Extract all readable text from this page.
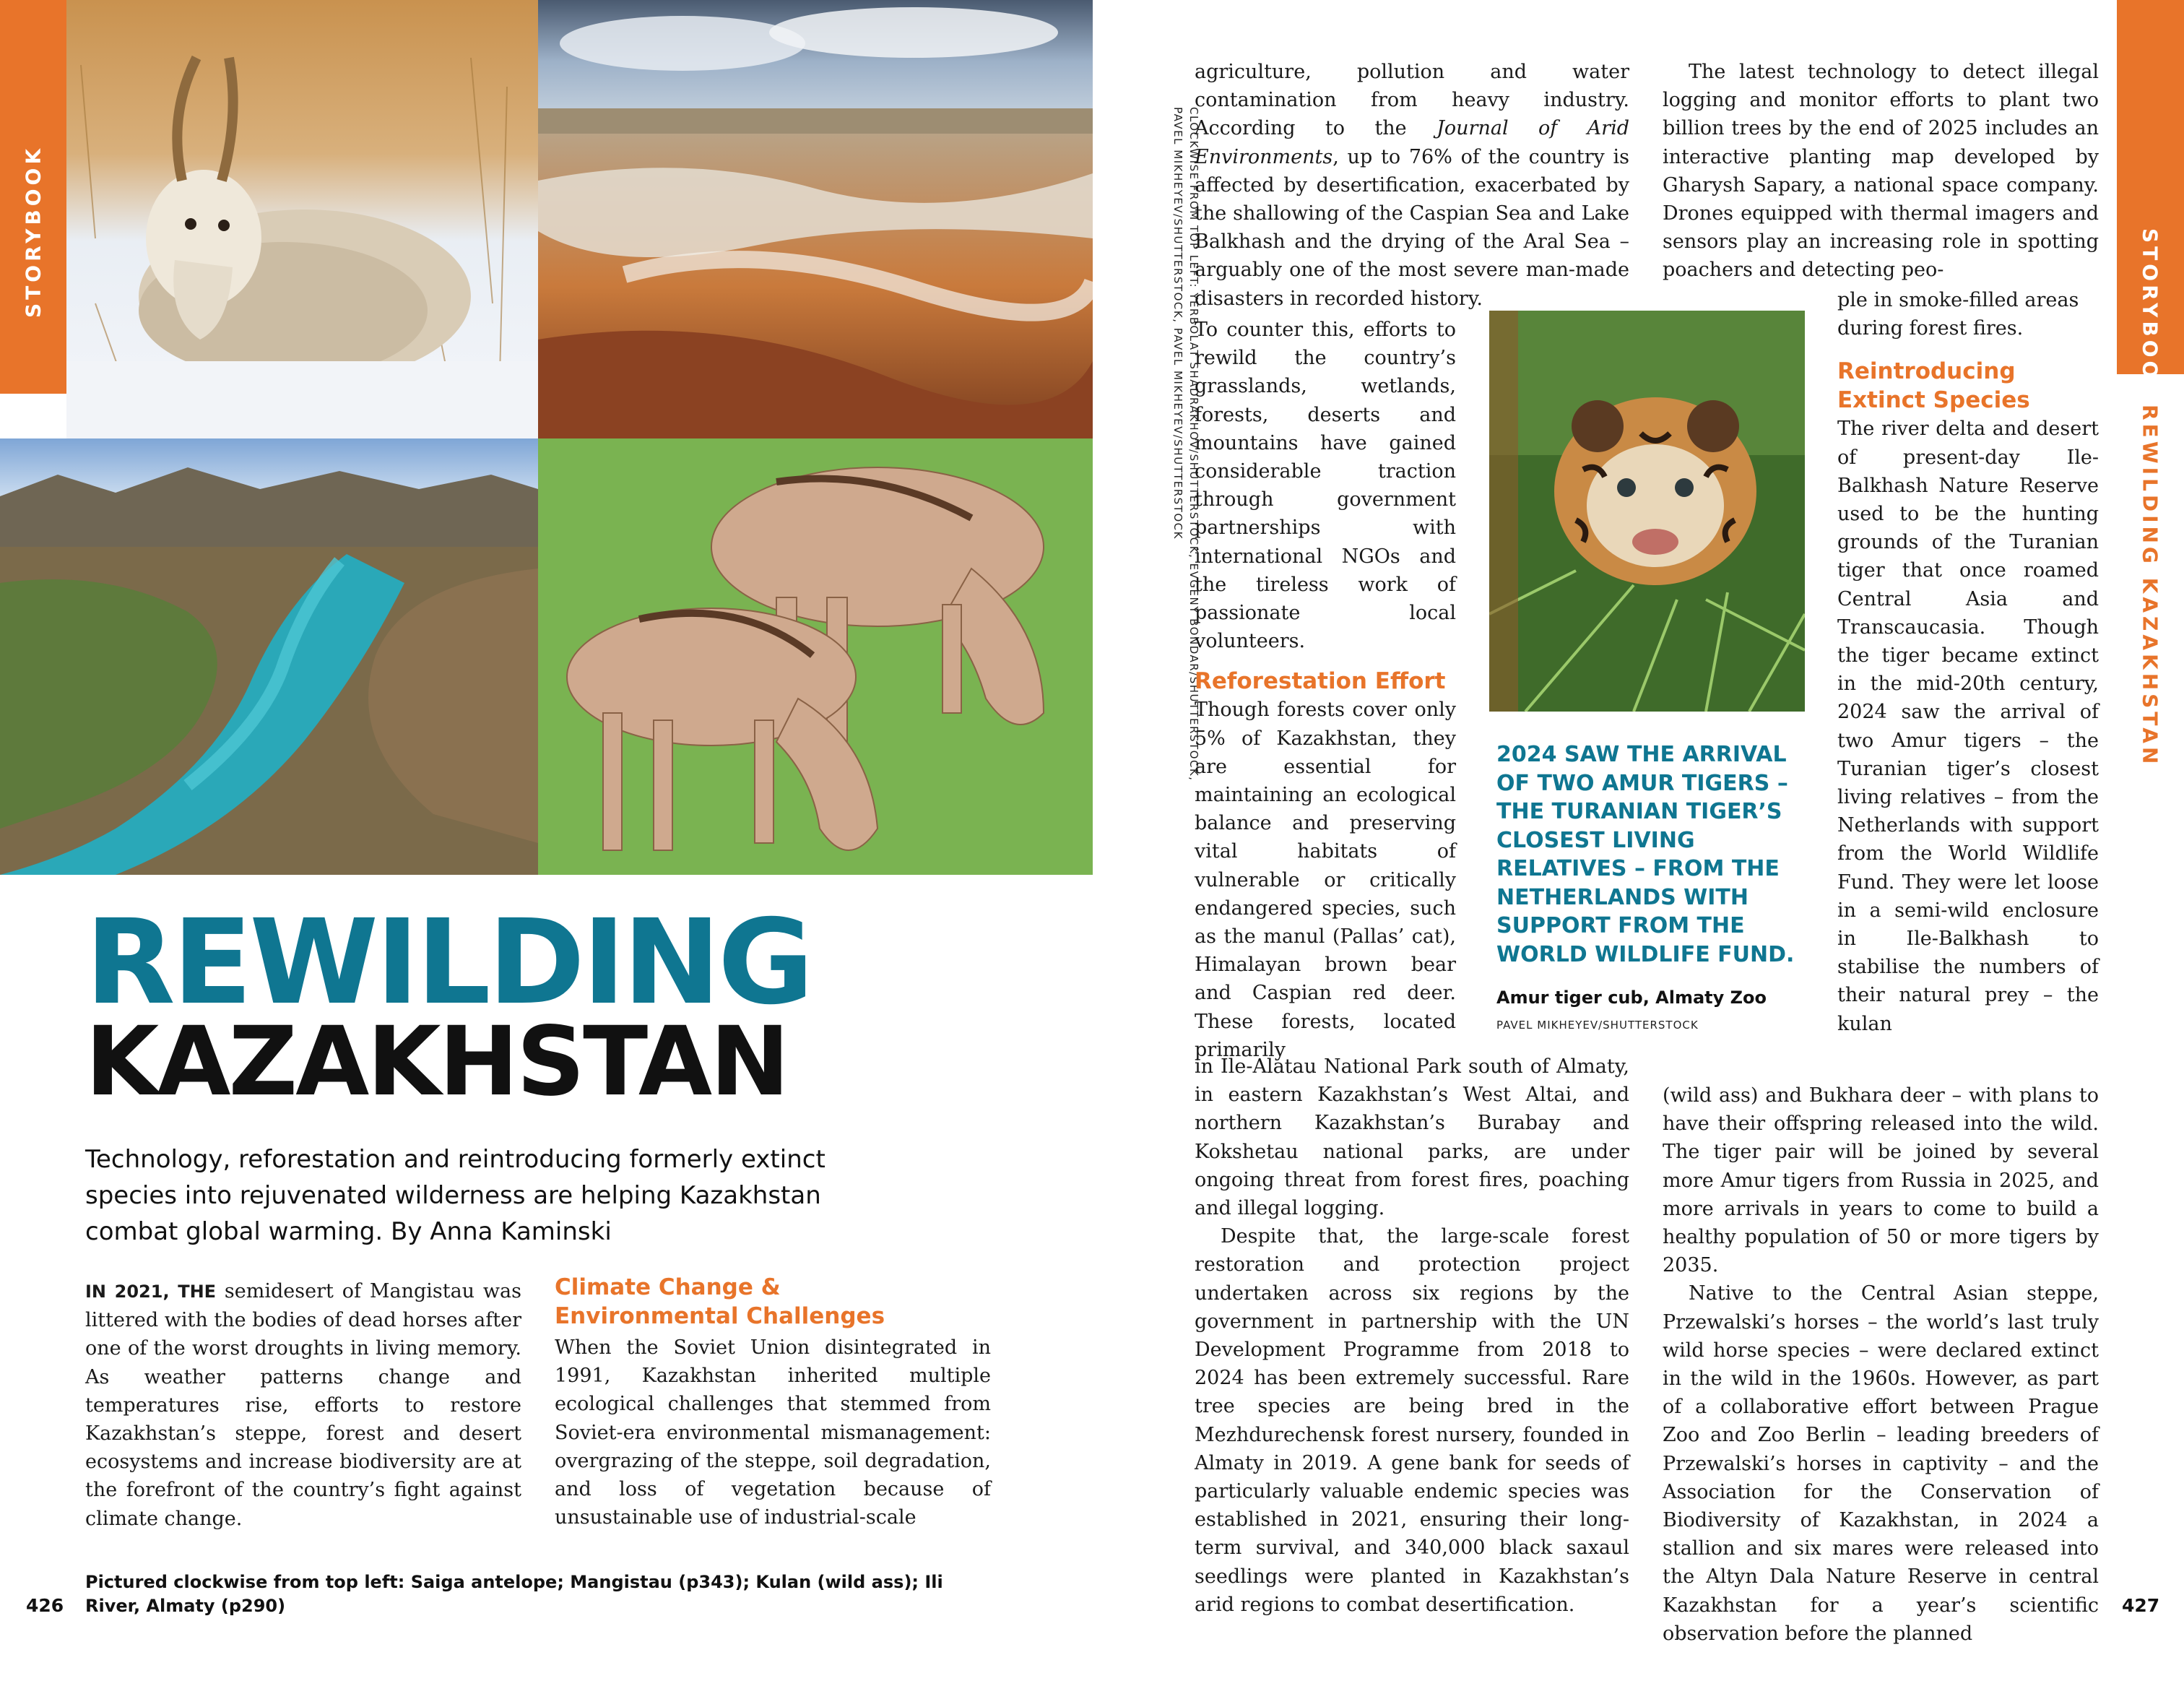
STORYBOOK
REWILDING
KAZAKHSTAN

Technology, reforestation and reintroducing formerly extinct species into rejuvenated wilderness are helping Kazakhstan combat global warming. By Anna Kaminski

IN 2021, THE semidesert of Mangistau was littered with the bodies of dead horses after one of the worst droughts in living memory. As weather patterns change and temperatures rise, efforts to restore Kazakhstan’s steppe, forest and desert ecosystems and increase biodiversity are at the forefront of the country’s fight against climate change.

Climate Change & Environmental Challenges

When the Soviet Union disintegrated in 1991, Kazakhstan inherited multiple ecological challenges that stemmed from Soviet-era environmental mismanagement: overgrazing of the steppe, soil degradation, and loss of vegetation because of unsustainable use of industrial-scale

Pictured clockwise from top left: Saiga antelope; Mangistau (p343); Kulan (wild ass); Ili River, Almaty (p290)

426
CLOCKWISE FROM TOP LEFT: YERBOLAT SHADRAKHOV/SHUTTERSTOCK, EVGENY BONDAR/SHUTTERSTOCK,
PAVEL MIKHEYEV/SHUTTERSTOCK, PAVEL MIKHEYEV/SHUTTERSTOCK

agriculture, pollution and water contamination from heavy industry. According to the Journal of Arid Environments, up to 76% of the country is affected by desertification, exacerbated by the shallowing of the Caspian Sea and Lake Balkhash and the drying of the Aral Sea – arguably one of the most severe man-made disasters in recorded history.

To counter this, efforts to rewild the country’s grasslands, wetlands, forests, deserts and mountains have gained considerable traction through government partnerships with international NGOs and the tireless work of passionate local volunteers.

Reforestation Effort

Though forests cover only 5% of Kazakhstan, they are essential for maintaining an ecological balance and preserving vital habitats of vulnerable or critically endangered species, such as the manul (Pallas’ cat), Himalayan brown bear and Caspian red deer. These forests, located primarily

in Ile-Alatau National Park south of Almaty, in eastern Kazakhstan’s West Altai, and northern Kazakhstan’s Burabay and Kokshetau national parks, are under ongoing threat from forest fires, poaching and illegal logging.

Despite that, the large-scale forest restoration and protection project undertaken across six regions by the government in partnership with the UN Development Programme from 2018 to 2024 has been extremely successful. Rare tree species are being bred in the Mezhdurechensk forest nursery, founded in Almaty in 2019. A gene bank for seeds of particularly valuable endemic species was established in 2021, ensuring their long-term survival, and 340,000 black saxaul seedlings were planted in Kazakhstan’s arid regions to combat desertification.

2024 SAW THE ARRIVAL OF TWO AMUR TIGERS – THE TURANIAN TIGER’S CLOSEST LIVING RELATIVES – FROM THE NETHERLANDS WITH SUPPORT FROM THE WORLD WILDLIFE FUND.

Amur tiger cub, Almaty Zoo

PAVEL MIKHEYEV/SHUTTERSTOCK

The latest technology to detect illegal logging and monitor efforts to plant two billion trees by the end of 2025 includes an interactive planting map developed by Gharysh Sapary, a national space company. Drones equipped with thermal imagers and sensors play an increasing role in spotting poachers and detecting peo-

ple in smoke-filled areas during forest fires.

Reintroducing Extinct Species

The river delta and desert of present-day Ile-Balkhash Nature Reserve used to be the hunting grounds of the Turanian tiger that once roamed Central Asia and Transcaucasia. Though the tiger became extinct in the mid-20th century, 2024 saw the arrival of two Amur tigers – the Turanian tiger’s closest living relatives – from the Netherlands with support from the World Wildlife Fund. They were let loose in a semi-wild enclosure in Ile-Balkhash to stabilise the numbers of their natural prey – the kulan

(wild ass) and Bukhara deer – with plans to have their offspring released into the wild. The tiger pair will be joined by several more Amur tigers from Russia in 2025, and more arrivals in years to come to build a healthy population of 50 or more tigers by 2035.

Native to the Central Asian steppe, Przewalski’s horses – the world’s last truly wild horse species – were declared extinct in the wild in the 1960s. However, as part of a collaborative effort between Prague Zoo and Zoo Berlin – leading breeders of Przewalski’s horses in captivity – and the Association for the Conservation of Biodiversity of Kazakhstan, in 2024 a stallion and six mares were released into the Altyn Dala Nature Reserve in central Kazakhstan for a year’s scientific observation before the planned

STORYBOOK
REWILDING KAZAKHSTAN
427
